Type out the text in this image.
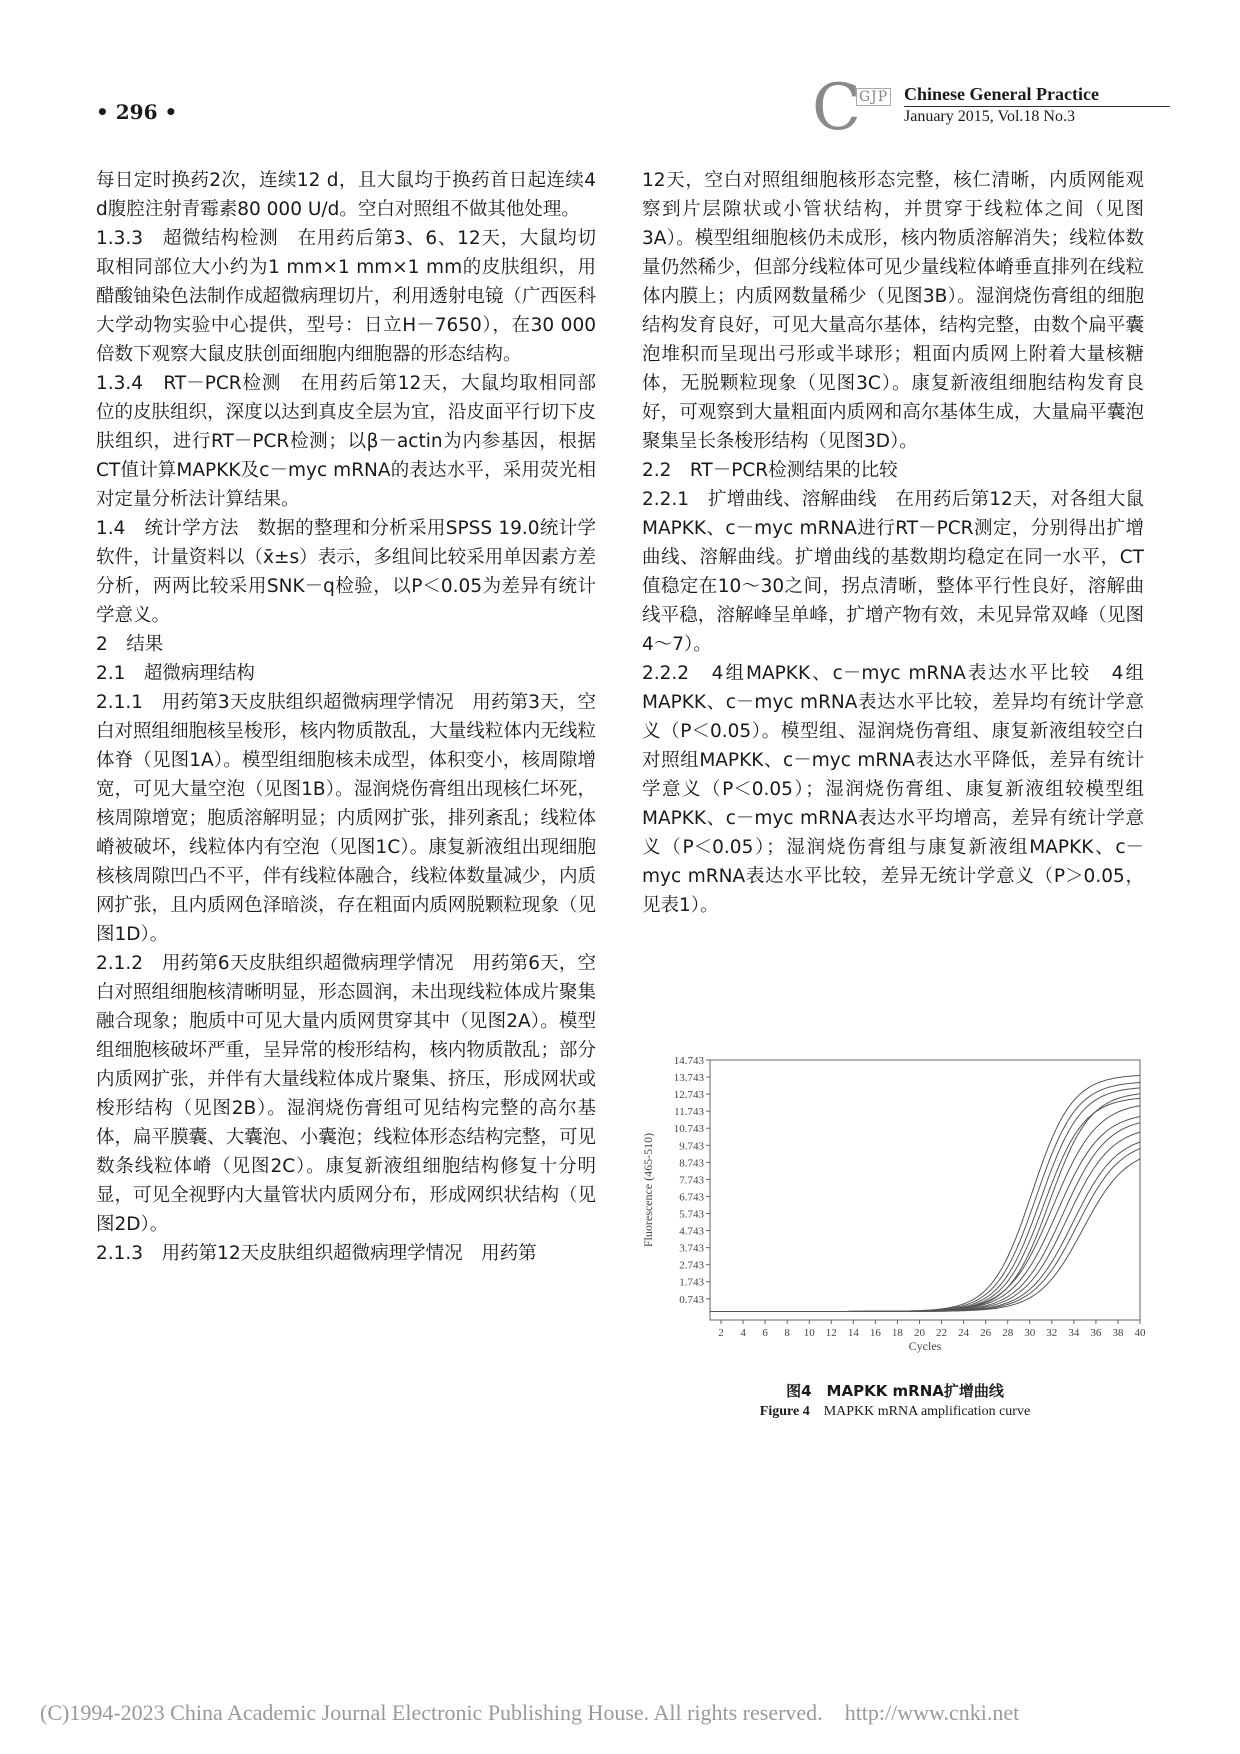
• 296 •	C
GJP Chinese General Practice
January 2015, Vol.18 No.3

每日定时换药2次，连续12 d，且大鼠均于换药首日起连续4 d腹腔注射青霉素80 000 U/d。空白对照组不做其他处理。

1.3.3　超微结构检测　在用药后第3、6、12天，大鼠均切取相同部位大小约为1 mm×1 mm×1 mm的皮肤组织，用醋酸铀染色法制作成超微病理切片，利用透射电镜（广西医科大学动物实验中心提供，型号：日立H－7650），在30 000倍数下观察大鼠皮肤创面细胞内细胞器的形态结构。

1.3.4　RT－PCR检测　在用药后第12天，大鼠均取相同部位的皮肤组织，深度以达到真皮全层为宜，沿皮面平行切下皮肤组织，进行RT－PCR检测；以β－actin为内参基因，根据CT值计算MAPKK及c－myc mRNA的表达水平，采用荧光相对定量分析法计算结果。

1.4　统计学方法　数据的整理和分析采用SPSS 19.0统计学软件，计量资料以（x̄±s）表示，多组间比较采用单因素方差分析，两两比较采用SNK－q检验，以P＜0.05为差异有统计学意义。

2　结果

2.1　超微病理结构

2.1.1　用药第3天皮肤组织超微病理学情况　用药第3天，空白对照组细胞核呈梭形，核内物质散乱，大量线粒体内无线粒体脊（见图1A）。模型组细胞核未成型，体积变小，核周隙增宽，可见大量空泡（见图1B）。湿润烧伤膏组出现核仁坏死，核周隙增宽；胞质溶解明显；内质网扩张，排列紊乱；线粒体嵴被破坏，线粒体内有空泡（见图1C）。康复新液组出现细胞核核周隙凹凸不平，伴有线粒体融合，线粒体数量减少，内质网扩张，且内质网色泽暗淡，存在粗面内质网脱颗粒现象（见图1D）。

2.1.2　用药第6天皮肤组织超微病理学情况　用药第6天，空白对照组细胞核清晰明显，形态圆润，未出现线粒体成片聚集融合现象；胞质中可见大量内质网贯穿其中（见图2A）。模型组细胞核破坏严重，呈异常的梭形结构，核内物质散乱；部分内质网扩张，并伴有大量线粒体成片聚集、挤压，形成网状或梭形结构（见图2B）。湿润烧伤膏组可见结构完整的高尔基体，扁平膜囊、大囊泡、小囊泡；线粒体形态结构完整，可见数条线粒体嵴（见图2C）。康复新液组细胞结构修复十分明显，可见全视野内大量管状内质网分布，形成网织状结构（见图2D）。

2.1.3　用药第12天皮肤组织超微病理学情况　用药第

12天，空白对照组细胞核形态完整，核仁清晰，内质网能观察到片层隙状或小管状结构，并贯穿于线粒体之间（见图3A）。模型组细胞核仍未成形，核内物质溶解消失；线粒体数量仍然稀少，但部分线粒体可见少量线粒体嵴垂直排列在线粒体内膜上；内质网数量稀少（见图3B）。湿润烧伤膏组的细胞结构发育良好，可见大量高尔基体，结构完整，由数个扁平囊泡堆积而呈现出弓形或半球形；粗面内质网上附着大量核糖体，无脱颗粒现象（见图3C）。康复新液组细胞结构发育良好，可观察到大量粗面内质网和高尔基体生成，大量扁平囊泡聚集呈长条梭形结构（见图3D）。

2.2　RT－PCR检测结果的比较

2.2.1　扩增曲线、溶解曲线　在用药后第12天，对各组大鼠MAPKK、c－myc mRNA进行RT－PCR测定，分别得出扩增曲线、溶解曲线。扩增曲线的基数期均稳定在同一水平，CT值稳定在10～30之间，拐点清晰，整体平行性良好，溶解曲线平稳，溶解峰呈单峰，扩增产物有效，未见异常双峰（见图4～7）。

2.2.2　4组MAPKK、c－myc mRNA表达水平比较　4组MAPKK、c－myc mRNA表达水平比较，差异均有统计学意义（P＜0.05）。模型组、湿润烧伤膏组、康复新液组较空白对照组MAPKK、c－myc mRNA表达水平降低，差异有统计学意义（P＜0.05）；湿润烧伤膏组、康复新液组较模型组MAPKK、c－myc mRNA表达水平均增高，差异有统计学意义（P＜0.05）；湿润烧伤膏组与康复新液组MAPKK、c－myc mRNA表达水平比较，差异无统计学意义（P＞0.05，见表1）。

0.743
1.743
2.743
3.743
4.743
5.743
6.743
7.743
8.743
9.743
10.743
11.743
12.743
13.743
14.743
2 4 6 8 10 12 14 16 18 20 22 24 26 28 30 32 34 36 38 40
Cycles
Fluorescence (465-510)
图4　MAPKK mRNA扩增曲线
Figure 4  MAPKK mRNA amplification curve
(C)1994-2023 China Academic Journal Electronic Publishing House. All rights reserved. http://www.cnki.net
